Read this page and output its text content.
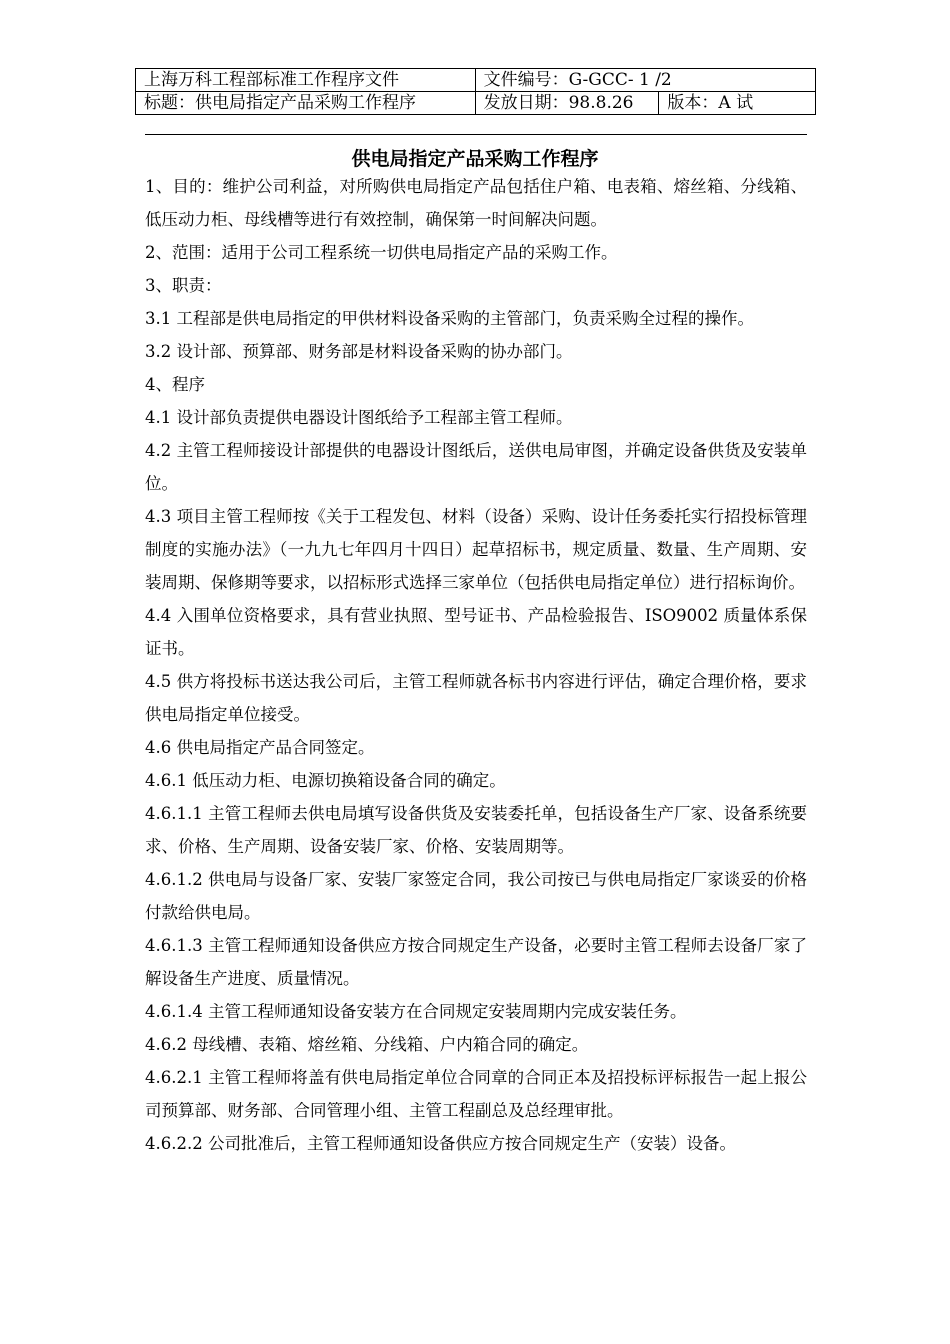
上海万科工程部标准工作程序文件	文件编号：G-GCC- 1 /2	
标题：供电局指定产品采购工作程序	发放日期：98.8.26	版本：A 试
供电局指定产品采购工作程序

1、目的：维护公司利益，对所购供电局指定产品包括住户箱、电表箱、熔丝箱、分线箱、低压动力柜、母线槽等进行有效控制，确保第一时间解决问题。

2、范围：适用于公司工程系统一切供电局指定产品的采购工作。

3、职责：

3.1 工程部是供电局指定的甲供材料设备采购的主管部门，负责采购全过程的操作。

3.2 设计部、预算部、财务部是材料设备采购的协办部门。

4、程序

4.1 设计部负责提供电器设计图纸给予工程部主管工程师。

4.2 主管工程师接设计部提供的电器设计图纸后，送供电局审图，并确定设备供货及安装单位。

4.3 项目主管工程师按《关于工程发包、材料（设备）采购、设计任务委托实行招投标管理制度的实施办法》（一九九七年四月十四日）起草招标书，规定质量、数量、生产周期、安装周期、保修期等要求，以招标形式选择三家单位（包括供电局指定单位）进行招标询价。

4.4 入围单位资格要求，具有营业执照、型号证书、产品检验报告、ISO9002 质量体系保证书。

4.5 供方将投标书送达我公司后，主管工程师就各标书内容进行评估，确定合理价格，要求供电局指定单位接受。

4.6 供电局指定产品合同签定。

4.6.1 低压动力柜、电源切换箱设备合同的确定。

4.6.1.1 主管工程师去供电局填写设备供货及安装委托单，包括设备生产厂家、设备系统要求、价格、生产周期、设备安装厂家、价格、安装周期等。

4.6.1.2 供电局与设备厂家、安装厂家签定合同，我公司按已与供电局指定厂家谈妥的价格付款给供电局。

4.6.1.3 主管工程师通知设备供应方按合同规定生产设备，必要时主管工程师去设备厂家了解设备生产进度、质量情况。

4.6.1.4 主管工程师通知设备安装方在合同规定安装周期内完成安装任务。

4.6.2 母线槽、表箱、熔丝箱、分线箱、户内箱合同的确定。

4.6.2.1 主管工程师将盖有供电局指定单位合同章的合同正本及招投标评标报告一起上报公司预算部、财务部、合同管理小组、主管工程副总及总经理审批。

4.6.2.2 公司批准后，主管工程师通知设备供应方按合同规定生产（安装）设备。
